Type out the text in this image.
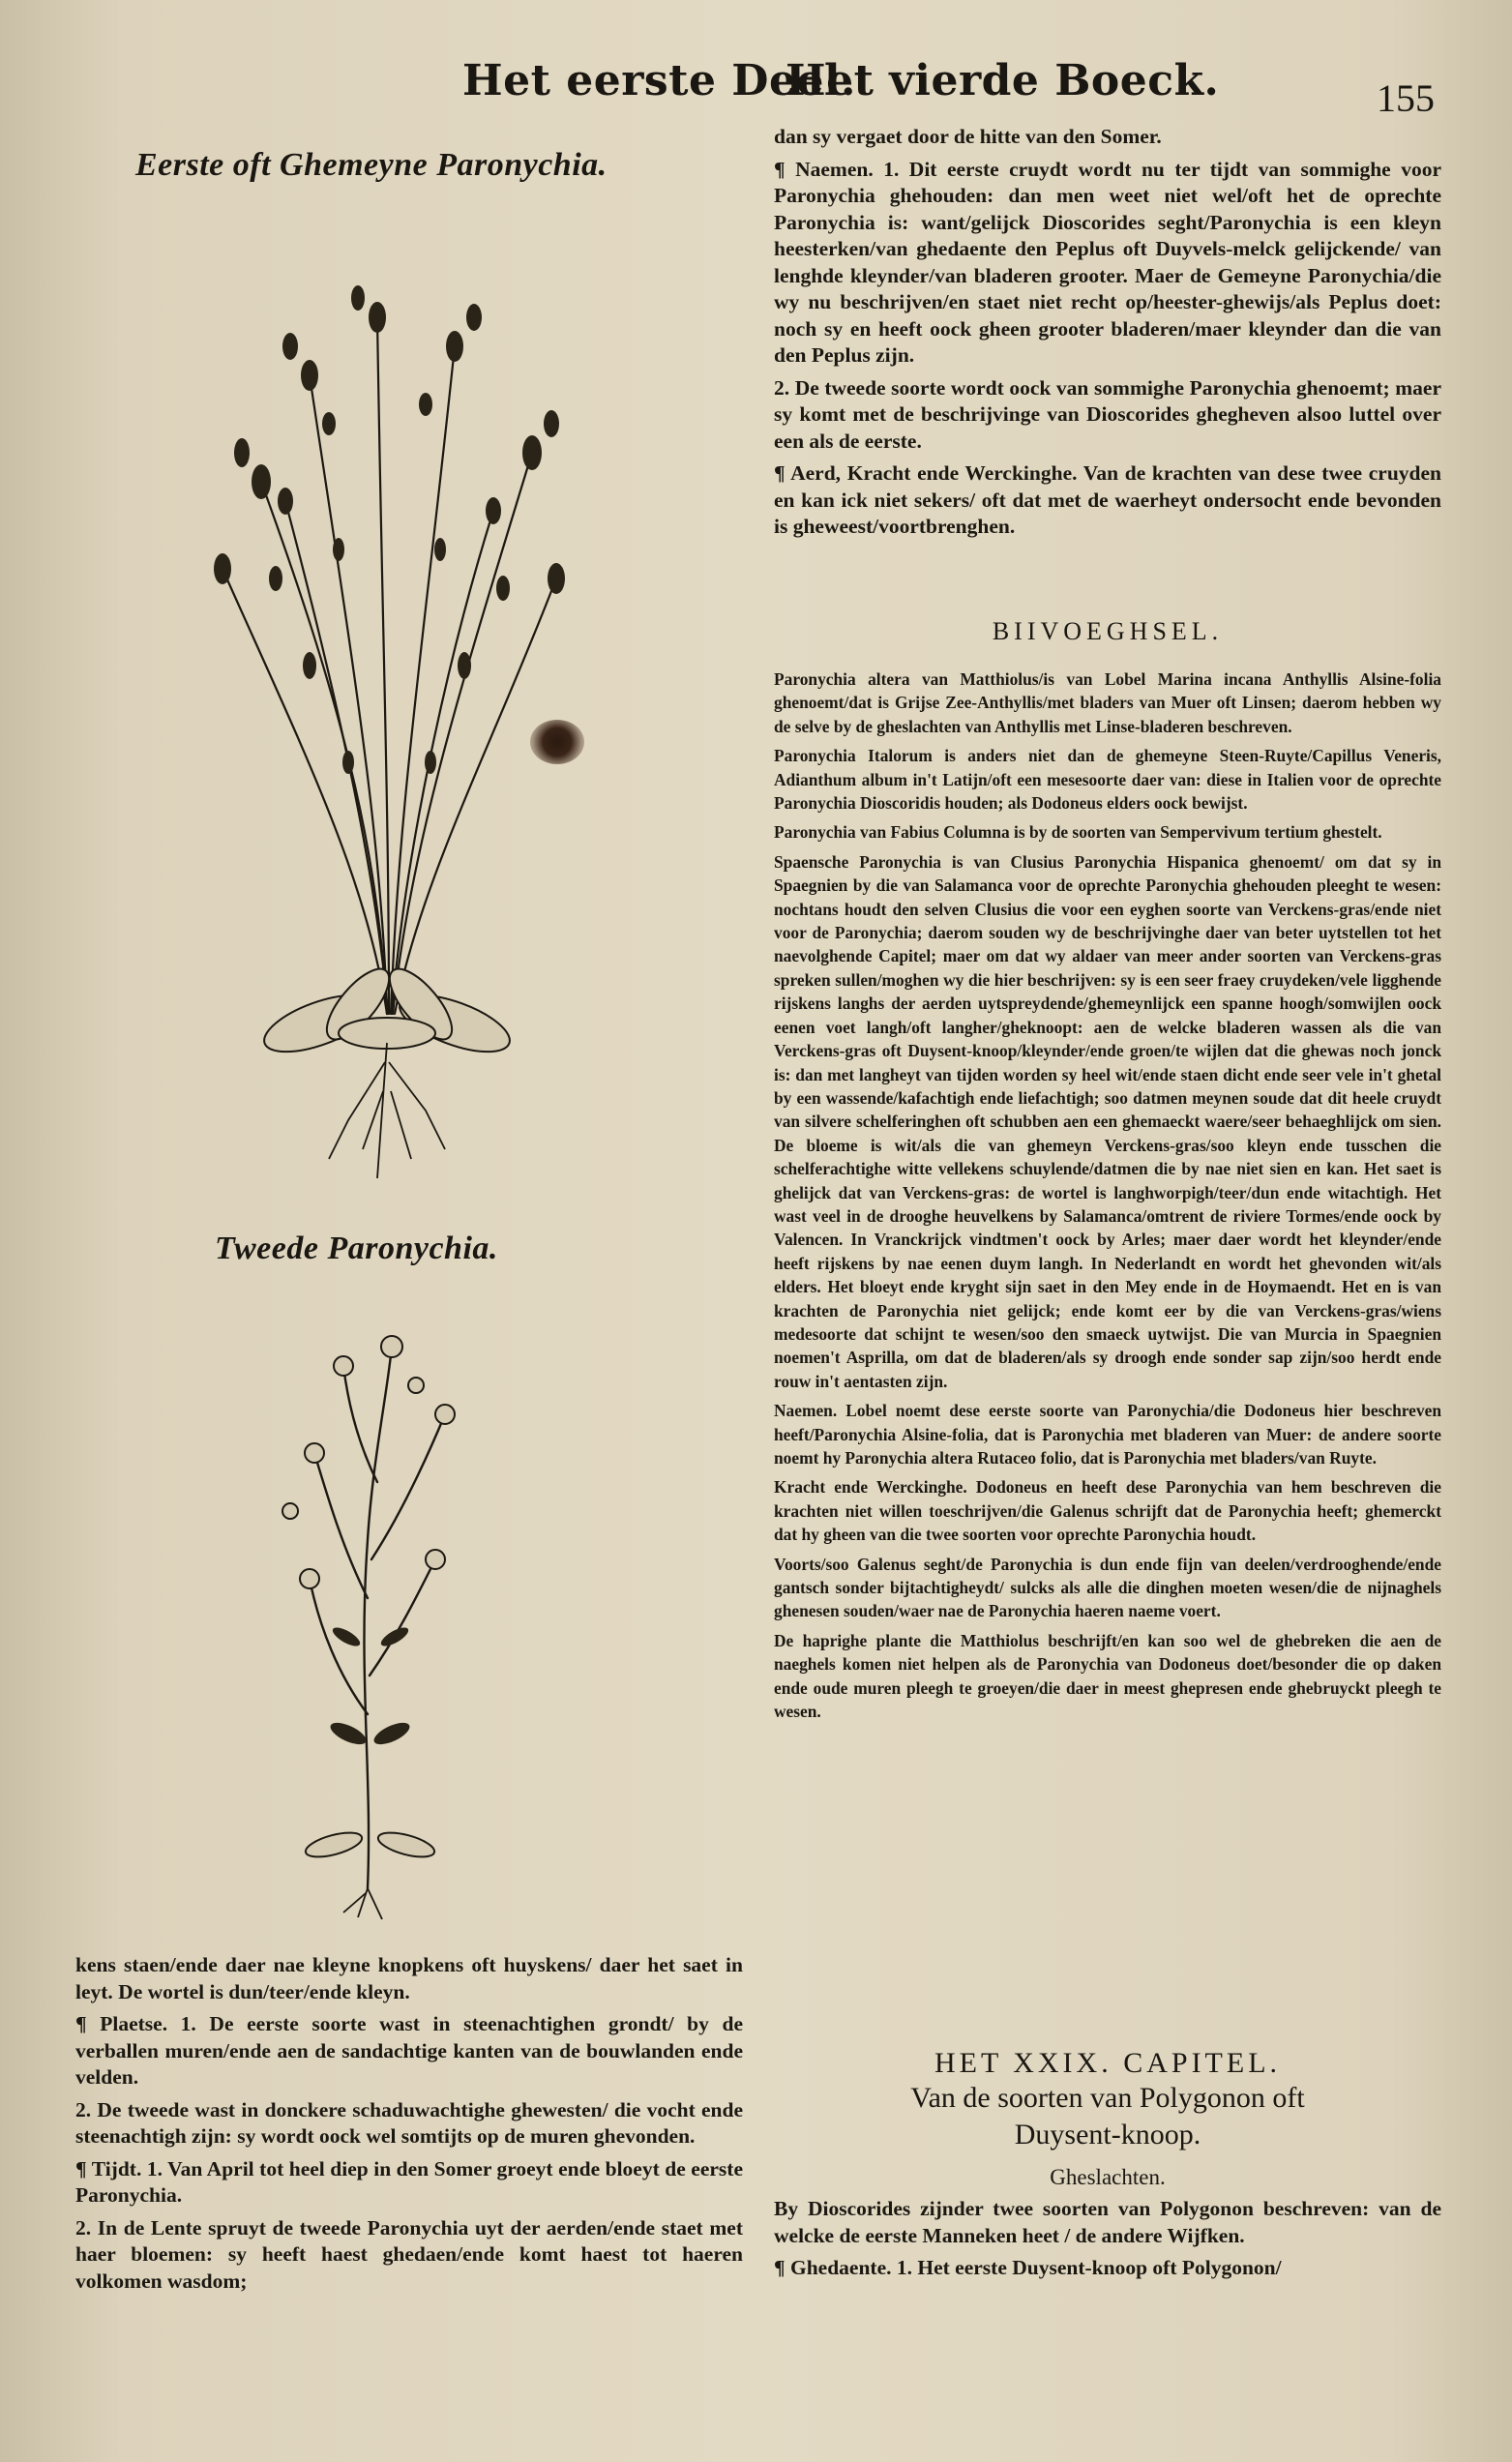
Het eerste Deel.
Het vierde Boeck.	155
Eerste oft Ghemeyne Paronychia.
Tweede Paronychia.

kens staen/ende daer nae kleyne knopkens oft huyskens/ daer het saet in leyt. De wortel is dun/teer/ende kleyn.

¶ Plaetse. 1. De eerste soorte wast in steenachtighen grondt/ by de verballen muren/ende aen de sandachtige kanten van de bouwlanden ende velden.

2. De tweede wast in donckere schaduwachtighe ghewesten/ die vocht ende steenachtigh zijn: sy wordt oock wel somtijts op de muren ghevonden.

¶ Tijdt. 1. Van April tot heel diep in den Somer groeyt ende bloeyt de eerste Paronychia.

2. In de Lente spruyt de tweede Paronychia uyt der aerden/ende staet met haer bloemen: sy heeft haest ghedaen/ende komt haest tot haeren volkomen wasdom;

dan sy vergaet door de hitte van den Somer.

¶ Naemen. 1. Dit eerste cruydt wordt nu ter tijdt van sommighe voor Paronychia ghehouden: dan men weet niet wel/oft het de oprechte Paronychia is: want/gelijck Dioscorides seght/Paronychia is een kleyn heesterken/van ghedaente den Peplus oft Duyvels-melck gelijckende/ van lenghde kleynder/van bladeren grooter. Maer de Gemeyne Paronychia/die wy nu beschrijven/en staet niet recht op/heester-ghewijs/als Peplus doet: noch sy en heeft oock gheen grooter bladeren/maer kleynder dan die van den Peplus zijn.

2. De tweede soorte wordt oock van sommighe Paronychia ghenoemt; maer sy komt met de beschrijvinge van Dioscorides ghegheven alsoo luttel over een als de eerste.

¶ Aerd, Kracht ende Werckinghe. Van de krachten van dese twee cruyden en kan ick niet sekers/ oft dat met de waerheyt ondersocht ende bevonden is gheweest/voortbrenghen.

BIIVOEGHSEL.

Paronychia altera van Matthiolus/is van Lobel Marina incana Anthyllis Alsine-folia ghenoemt/dat is Grijse Zee-Anthyllis/met bladers van Muer oft Linsen; daerom hebben wy de selve by de gheslachten van Anthyllis met Linse-bladeren beschreven.

Paronychia Italorum is anders niet dan de ghemeyne Steen-Ruyte/Capillus Veneris, Adianthum album in't Latijn/oft een mesesoorte daer van: diese in Italien voor de oprechte Paronychia Dioscoridis houden; als Dodoneus elders oock bewijst.

Paronychia van Fabius Columna is by de soorten van Sempervivum tertium ghestelt.

Spaensche Paronychia is van Clusius Paronychia Hispanica ghenoemt/ om dat sy in Spaegnien by die van Salamanca voor de oprechte Paronychia ghehouden pleeght te wesen: nochtans houdt den selven Clusius die voor een eyghen soorte van Verckens-gras/ende niet voor de Paronychia; daerom souden wy de beschrijvinghe daer van beter uytstellen tot het naevolghende Capitel; maer om dat wy aldaer van meer ander soorten van Verckens-gras spreken sullen/moghen wy die hier beschrijven: sy is een seer fraey cruydeken/vele ligghende rijskens langhs der aerden uytspreydende/ghemeynlijck een spanne hoogh/somwijlen oock eenen voet langh/oft langher/gheknoopt: aen de welcke bladeren wassen als die van Verckens-gras oft Duysent-knoop/kleynder/ende groen/te wijlen dat die ghewas noch jonck is: dan met langheyt van tijden worden sy heel wit/ende staen dicht ende seer vele in't ghetal by een wassende/kafachtigh ende liefachtigh; soo datmen meynen soude dat dit heele cruydt van silvere schelferinghen oft schubben aen een ghemaeckt waere/seer behaeghlijck om sien. De bloeme is wit/als die van ghemeyn Verckens-gras/soo kleyn ende tusschen die schelferachtighe witte vellekens schuylende/datmen die by nae niet sien en kan. Het saet is ghelijck dat van Verckens-gras: de wortel is langhworpigh/teer/dun ende witachtigh. Het wast veel in de drooghe heuvelkens by Salamanca/omtrent de riviere Tormes/ende oock by Valencen. In Vranckrijck vindtmen't oock by Arles; maer daer wordt het kleynder/ende heeft rijskens by nae eenen duym langh. In Nederlandt en wordt het ghevonden wit/als elders. Het bloeyt ende kryght sijn saet in den Mey ende in de Hoymaendt. Het en is van krachten de Paronychia niet gelijck; ende komt eer by die van Verckens-gras/wiens medesoorte dat schijnt te wesen/soo den smaeck uytwijst. Die van Murcia in Spaegnien noemen't Asprilla, om dat de bladeren/als sy droogh ende sonder sap zijn/soo herdt ende rouw in't aentasten zijn.

Naemen. Lobel noemt dese eerste soorte van Paronychia/die Dodoneus hier beschreven heeft/Paronychia Alsine-folia, dat is Paronychia met bladeren van Muer: de andere soorte noemt hy Paronychia altera Rutaceo folio, dat is Paronychia met bladers/van Ruyte.

Kracht ende Werckinghe. Dodoneus en heeft dese Paronychia van hem beschreven die krachten niet willen toeschrijven/die Galenus schrijft dat de Paronychia heeft; ghemerckt dat hy gheen van die twee soorten voor oprechte Paronychia houdt.

Voorts/soo Galenus seght/de Paronychia is dun ende fijn van deelen/verdrooghende/ende gantsch sonder bijtachtigheydt/ sulcks als alle die dinghen moeten wesen/die de nijnaghels ghenesen souden/waer nae de Paronychia haeren naeme voert.

De haprighe plante die Matthiolus beschrijft/en kan soo wel de ghebreken die aen de naeghels komen niet helpen als de Paronychia van Dodoneus doet/besonder die op daken ende oude muren pleegh te groeyen/die daer in meest ghepresen ende ghebruyckt pleegh te wesen.

HET XXIX. CAPITEL.
Van de soorten van Polygonon oft
Duysent-knoop.
Gheslachten.

By Dioscorides zijnder twee soorten van Polygonon beschreven: van de welcke de eerste Manneken heet / de andere Wijfken.

¶ Ghedaente. 1. Het eerste Duysent-knoop oft Polygonon/
